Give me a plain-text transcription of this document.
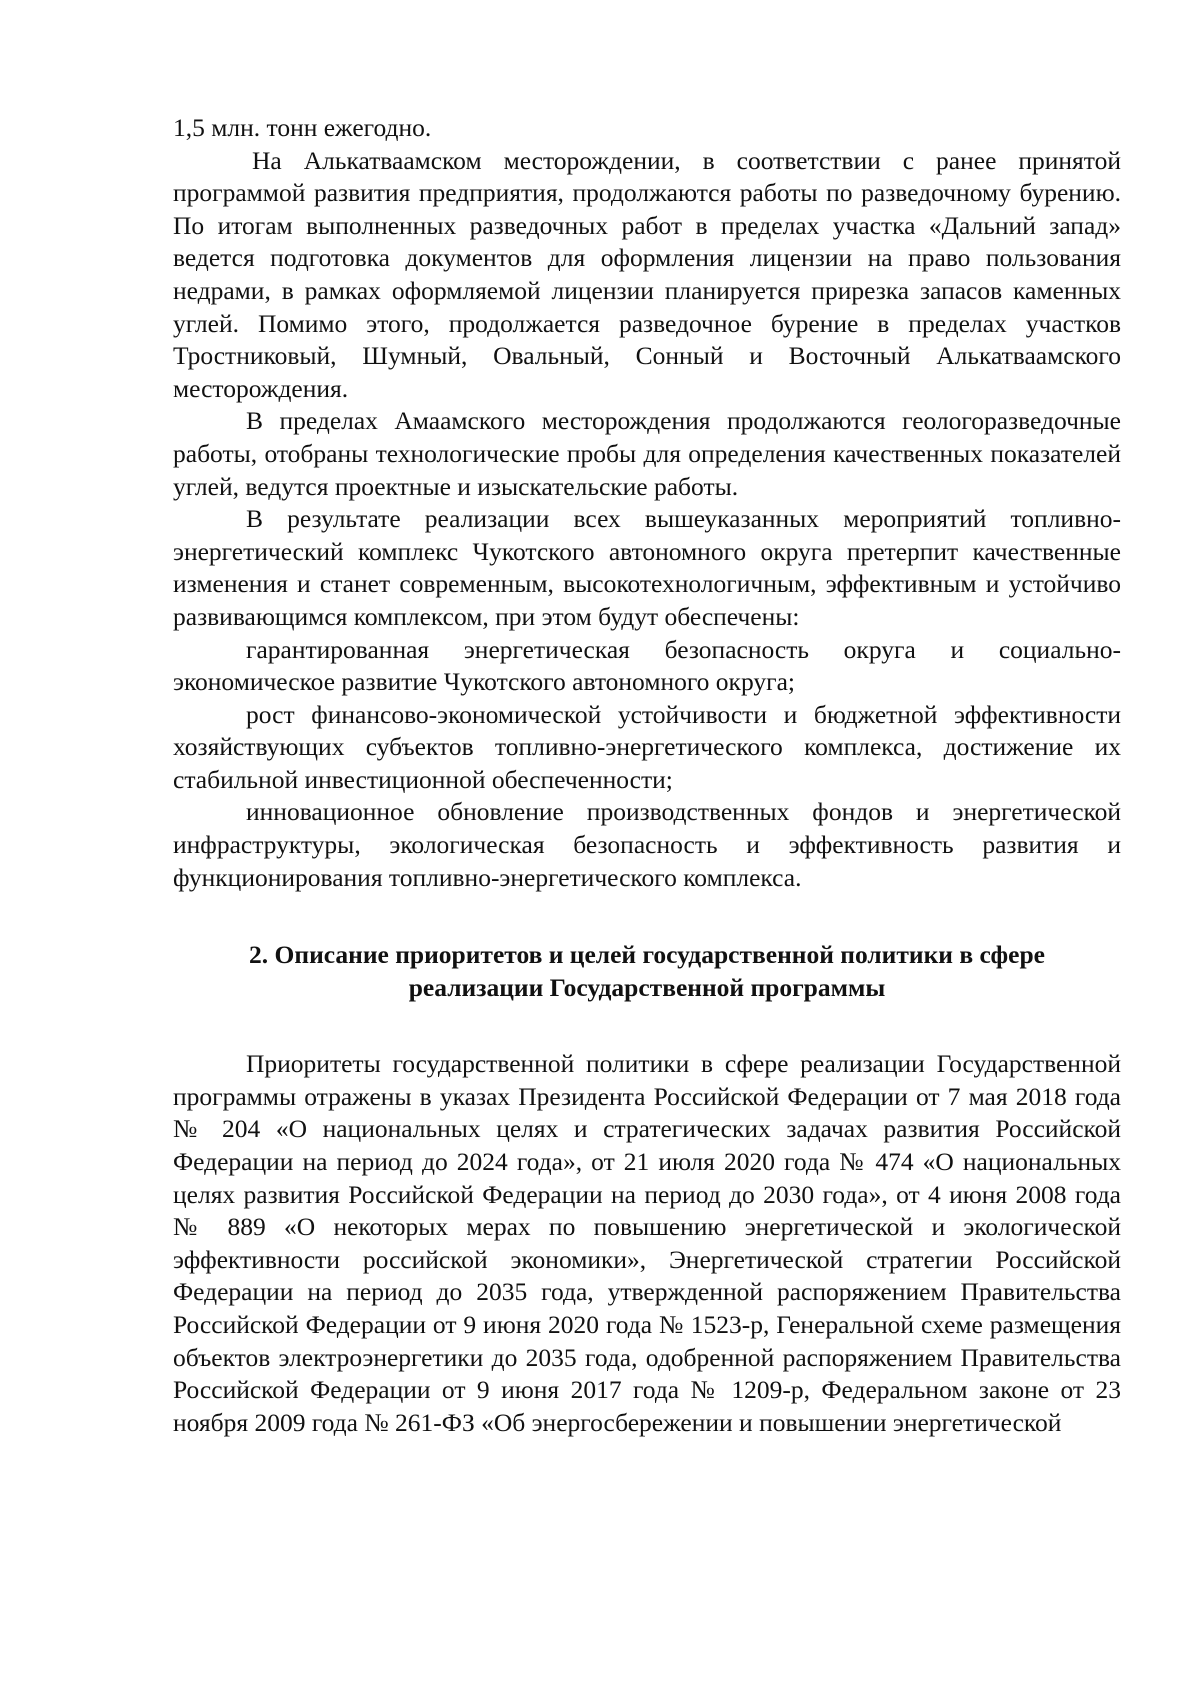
1,5 млн. тонн ежегодно.

На Алькатваамском месторождении, в соответствии с ранее принятой программой развития предприятия, продолжаются работы по разведочному бурению. По итогам выполненных разведочных работ в пределах участка «Дальний запад» ведется подготовка документов для оформления лицензии на право пользования недрами, в рамках оформляемой лицензии планируется прирезка запасов каменных углей. Помимо этого, продолжается разведочное бурение в пределах участков Тростниковый, Шумный, Овальный, Сонный и Восточный Алькатваамского месторождения.

В пределах Амаамского месторождения продолжаются геологоразведочные работы, отобраны технологические пробы для определения качественных показателей углей, ведутся проектные и изыскательские работы.

В результате реализации всех вышеуказанных мероприятий топливно-энергетический комплекс Чукотского автономного округа претерпит качественные изменения и станет современным, высокотехнологичным, эффективным и устойчиво развивающимся комплексом, при этом будут обеспечены:

гарантированная энергетическая безопасность округа и социально-экономическое развитие Чукотского автономного округа;

рост финансово-экономической устойчивости и бюджетной эффективности хозяйствующих субъектов топливно-энергетического комплекса, достижение их стабильной инвестиционной обеспеченности;

инновационное обновление производственных фондов и энергетической инфраструктуры, экологическая безопасность и эффективность развития и функционирования топливно-энергетического комплекса.

2. Описание приоритетов и целей государственной политики в сфере
реализации Государственной программы

Приоритеты государственной политики в сфере реализации Государственной программы отражены в указах Президента Российской Федерации от 7 мая 2018 года № 204 «О национальных целях и стратегических задачах развития Российской Федерации на период до 2024 года», от 21 июля 2020 года № 474 «О национальных целях развития Российской Федерации на период до 2030 года», от 4 июня 2008 года № 889 «О некоторых мерах по повышению энергетической и экологической эффективности российской экономики», Энергетической стратегии Российской Федерации на период до 2035 года, утвержденной распоряжением Правительства Российской Федерации от 9 июня 2020 года № 1523-р, Генеральной схеме размещения объектов электроэнергетики до 2035 года, одобренной распоряжением Правительства Российской Федерации от 9 июня 2017 года № 1209-р, Федеральном законе от 23 ноября 2009 года № 261-ФЗ «Об энергосбережении и повышении энергетической
